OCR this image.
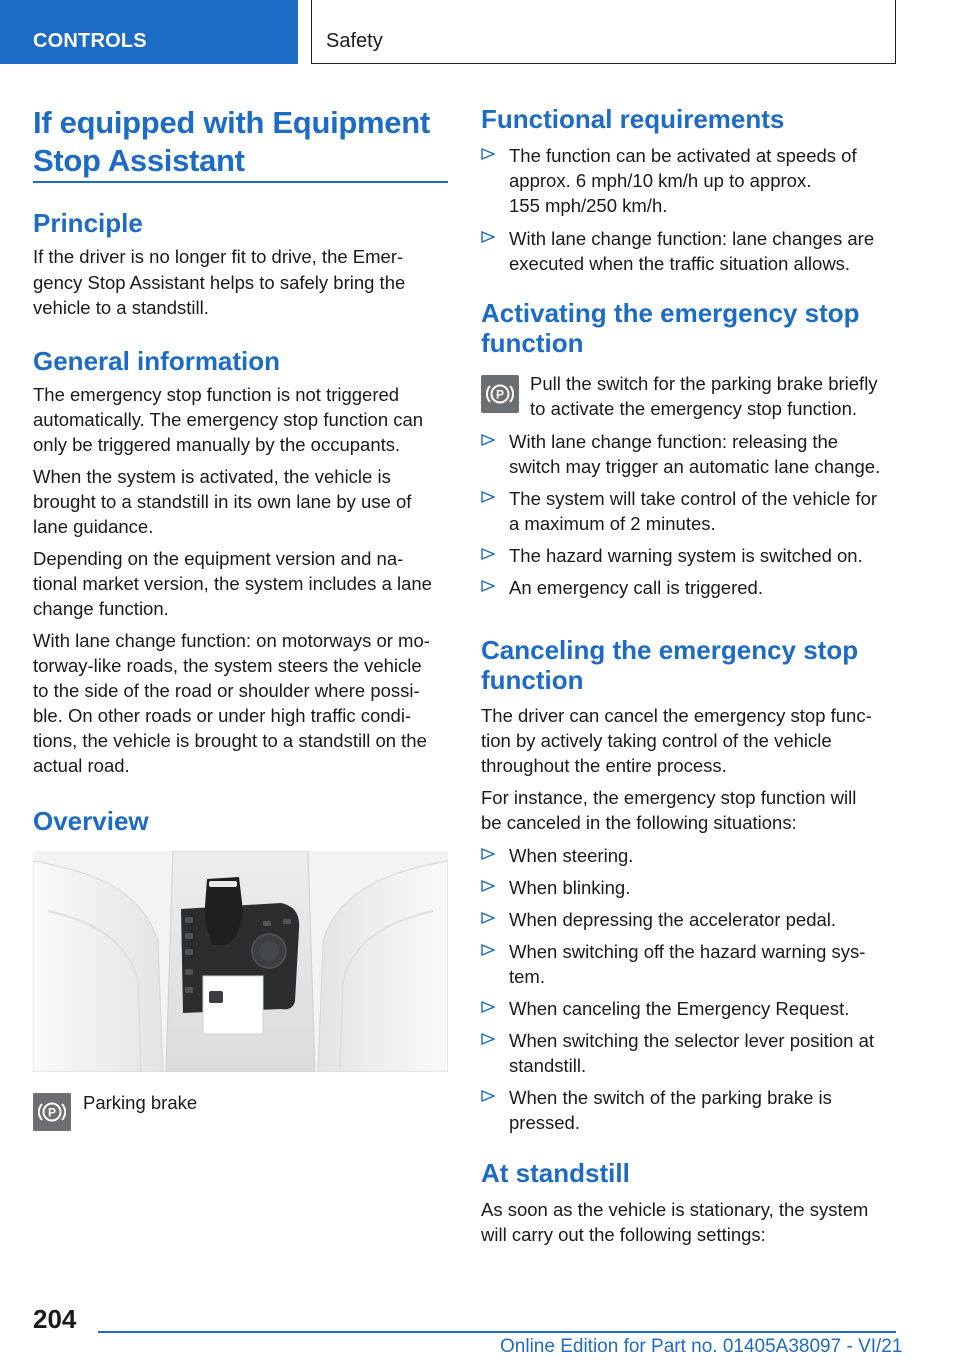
CONTROLS	Safety
If equipped with Equipment
Stop Assistant
Principle
If the driver is no longer fit to drive, the Emer‐
gency Stop Assistant helps to safely bring the
vehicle to a standstill.
General information
The emergency stop function is not triggered
automatically. The emergency stop function can
only be triggered manually by the occupants.
When the system is activated, the vehicle is
brought to a standstill in its own lane by use of
lane guidance.
Depending on the equipment version and na‐
tional market version, the system includes a lane
change function.
With lane change function: on motorways or mo‐
torway-like roads, the system steers the vehicle
to the side of the road or shoulder where possi‐
ble. On other roads or under high traffic condi‐
tions, the vehicle is brought to a standstill on the
actual road.
Overview
P Parking brake
Functional requirements
The function can be activated at speeds of
approx. 6 mph/10 km/h up to approx.
155 mph/250 km/h.
With lane change function: lane changes are
executed when the traffic situation allows.
Activating the emergency stop
function
P
Pull the switch for the parking brake briefly
to activate the emergency stop function.
With lane change function: releasing the
switch may trigger an automatic lane change.
The system will take control of the vehicle for
a maximum of 2 minutes.
The hazard warning system is switched on.
An emergency call is triggered.
Canceling the emergency stop
function
The driver can cancel the emergency stop func‐
tion by actively taking control of the vehicle
throughout the entire process.
For instance, the emergency stop function will
be canceled in the following situations:
When steering.
When blinking.
When depressing the accelerator pedal.
When switching off the hazard warning sys‐
tem.
When canceling the Emergency Request.
When switching the selector lever position at
standstill.
When the switch of the parking brake is
pressed.
At standstill
As soon as the vehicle is stationary, the system
will carry out the following settings:
204
Online Edition for Part no. 01405A38097 - VI/21
